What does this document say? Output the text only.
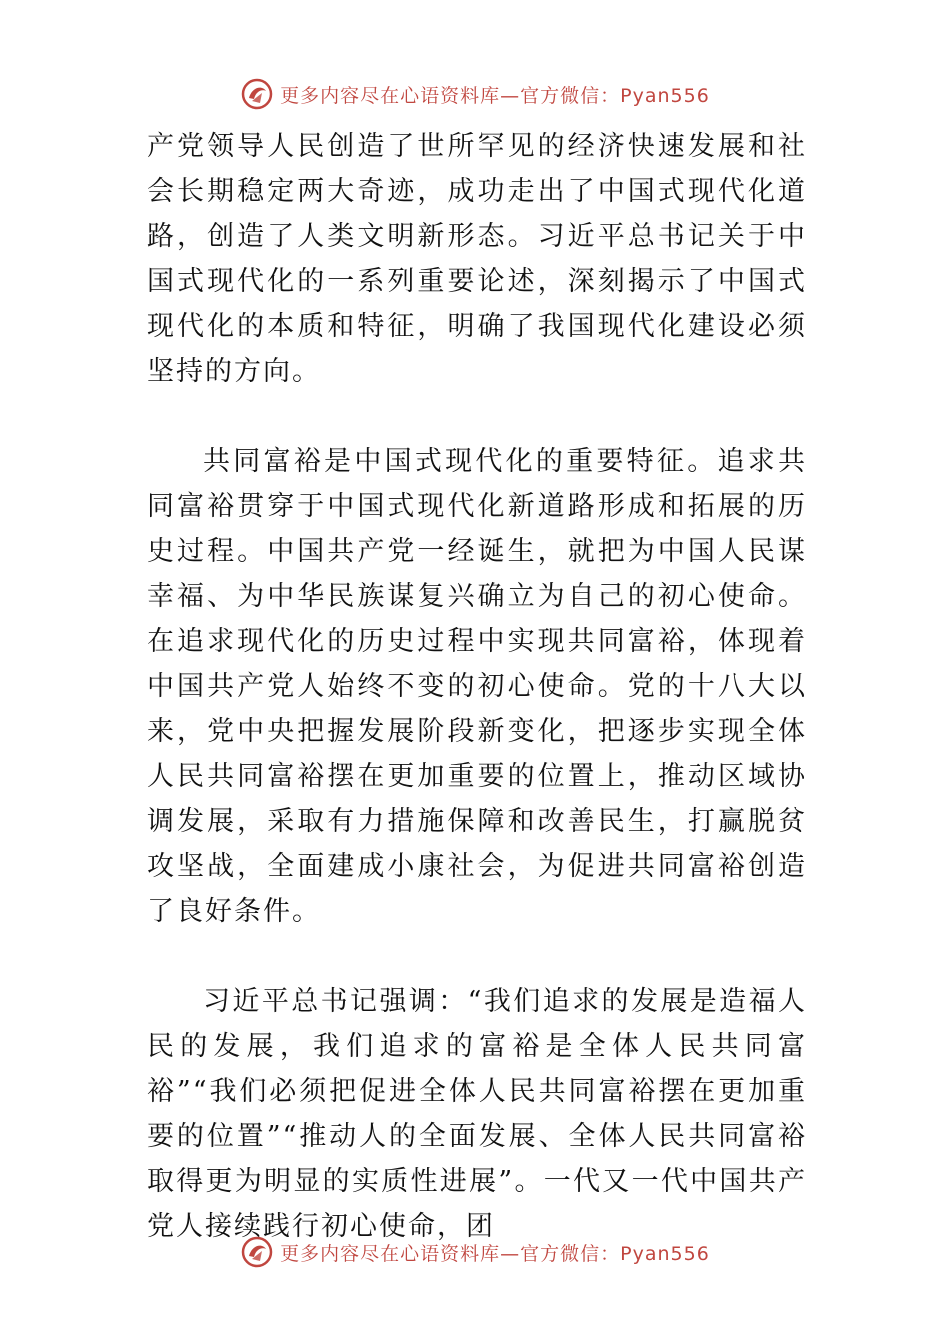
更多内容尽在心语资料库—官方微信：Pyan556

产党领导人民创造了世所罕见的经济快速发展和社会长期稳定两大奇迹，成功走出了中国式现代化道路，创造了人类文明新形态。习近平总书记关于中国式现代化的一系列重要论述，深刻揭示了中国式现代化的本质和特征，明确了我国现代化建设必须坚持的方向。

共同富裕是中国式现代化的重要特征。追求共同富裕贯穿于中国式现代化新道路形成和拓展的历史过程。中国共产党一经诞生，就把为中国人民谋幸福、为中华民族谋复兴确立为自己的初心使命。在追求现代化的历史过程中实现共同富裕，体现着中国共产党人始终不变的初心使命。党的十八大以来，党中央把握发展阶段新变化，把逐步实现全体人民共同富裕摆在更加重要的位置上，推动区域协调发展，采取有力措施保障和改善民生，打赢脱贫攻坚战，全面建成小康社会，为促进共同富裕创造了良好条件。

习近平总书记强调：“我们追求的发展是造福人民的发展，我们追求的富裕是全体人民共同富裕”“我们必须把促进全体人民共同富裕摆在更加重要的位置”“推动人的全面发展、全体人民共同富裕取得更为明显的实质性进展”。一代又一代中国共产党人接续践行初心使命，团

更多内容尽在心语资料库—官方微信：Pyan556
